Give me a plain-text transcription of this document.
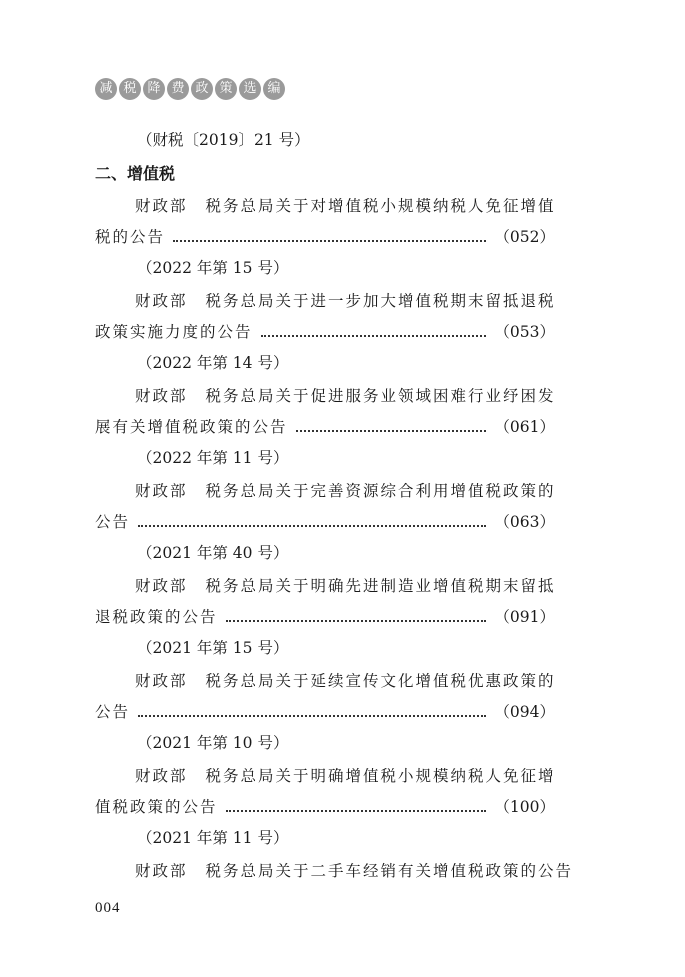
减 税 降 费 政 策 选 编
（财税〔2019〕21 号）
二、增值税
财政部 税务总局关于对增值税小规模纳税人免征增值
税的公告	（052）
（2022 年第 15 号）
财政部 税务总局关于进一步加大增值税期末留抵退税
政策实施力度的公告	（053）
（2022 年第 14 号）
财政部 税务总局关于促进服务业领域困难行业纾困发
展有关增值税政策的公告	（061）
（2022 年第 11 号）
财政部 税务总局关于完善资源综合利用增值税政策的
公告	（063）
（2021 年第 40 号）
财政部 税务总局关于明确先进制造业增值税期末留抵
退税政策的公告	（091）
（2021 年第 15 号）
财政部 税务总局关于延续宣传文化增值税优惠政策的
公告	（094）
（2021 年第 10 号）
财政部 税务总局关于明确增值税小规模纳税人免征增
值税政策的公告	（100）
（2021 年第 11 号）
财政部 税务总局关于二手车经销有关增值税政策的公告
004
